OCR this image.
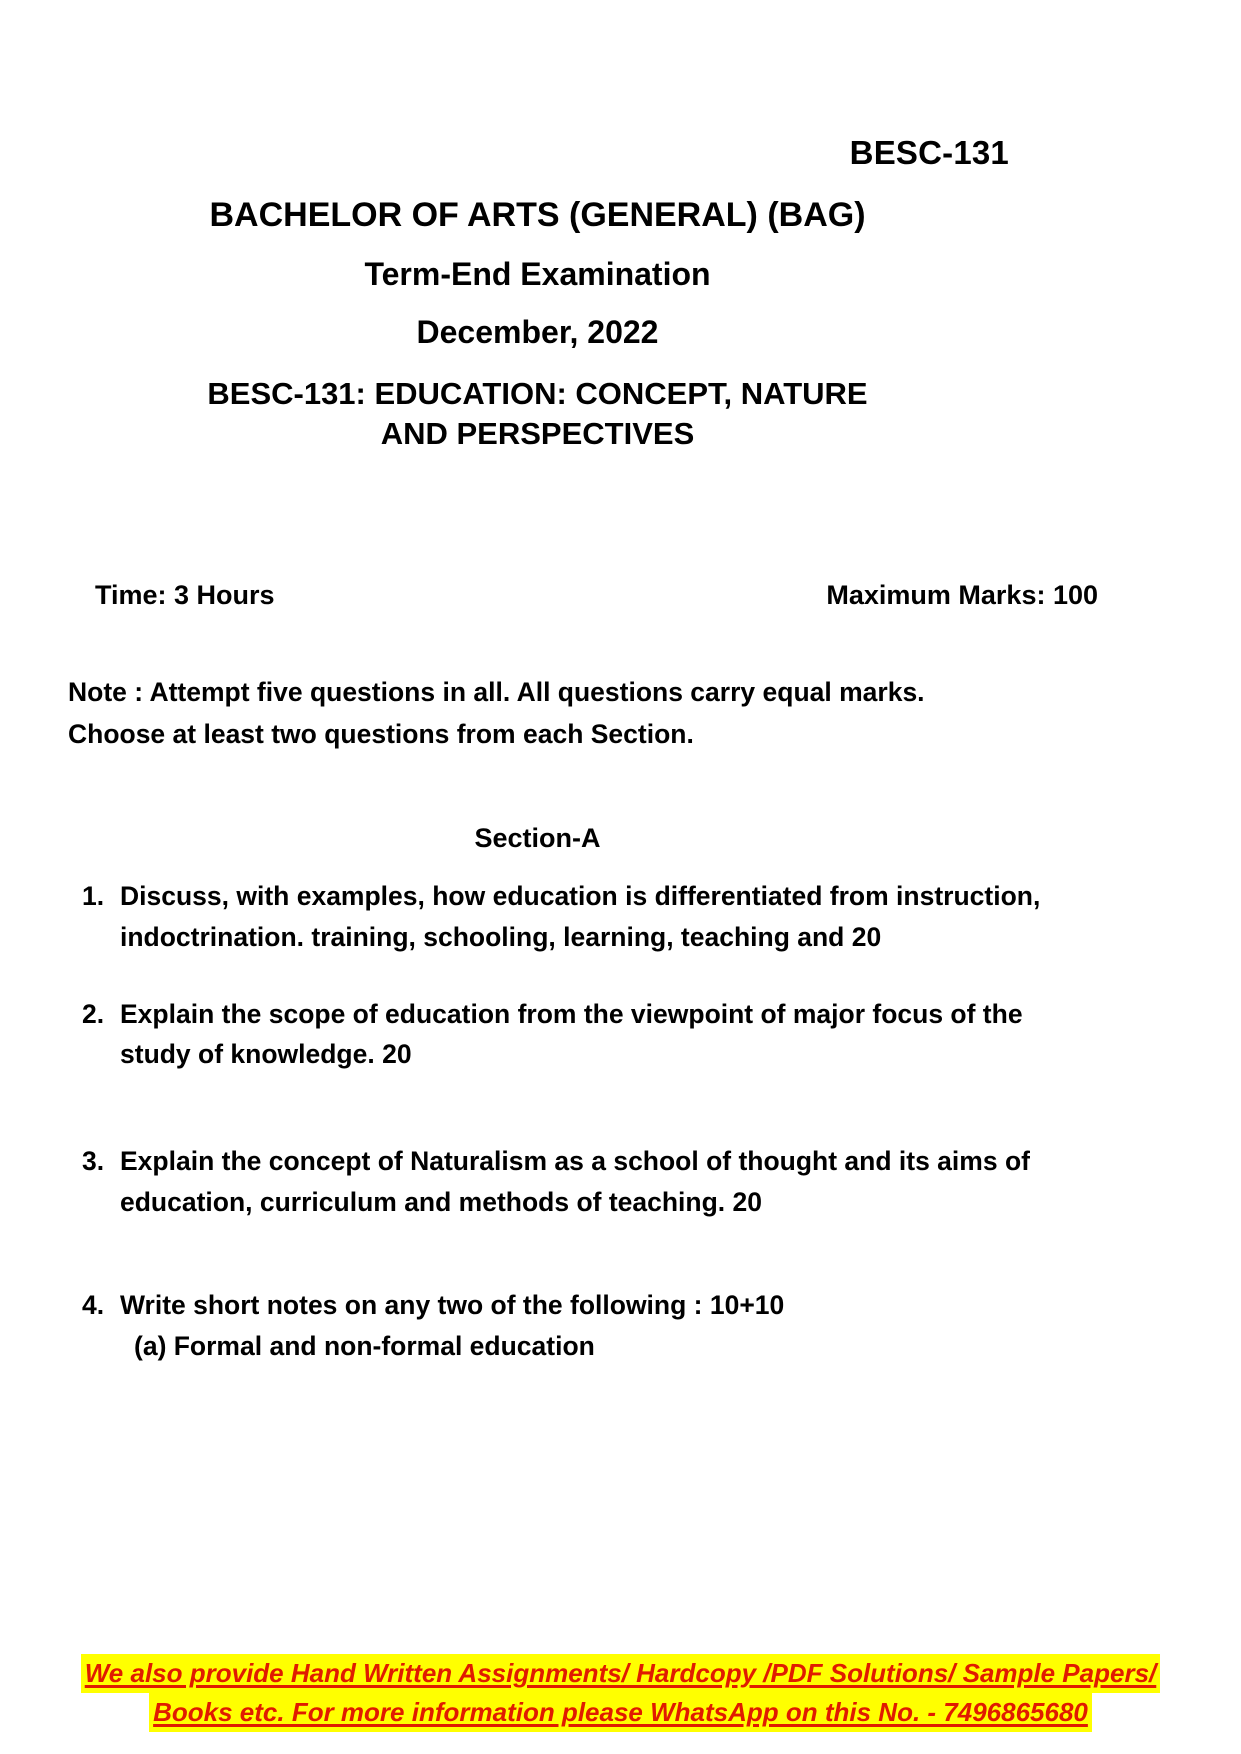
BESC-131
BACHELOR OF ARTS (GENERAL) (BAG)
Term-End Examination
December, 2022
BESC-131: EDUCATION: CONCEPT, NATURE AND PERSPECTIVES
Time: 3 Hours	Maximum Marks: 100
Note : Attempt five questions in all. All questions carry equal marks. Choose at least two questions from each Section.
Section-A
1. Discuss, with examples, how education is differentiated from instruction, indoctrination. training, schooling, learning, teaching and 20
2. Explain the scope of education from the viewpoint of major focus of the study of knowledge. 20
3. Explain the concept of Naturalism as a school of thought and its aims of education, curriculum and methods of teaching. 20
4. Write short notes on any two of the following : 10+10
(a) Formal and non-formal education
We also provide Hand Written Assignments/ Hardcopy /PDF Solutions/ Sample Papers/
Books etc. For more information please WhatsApp on this No. - 7496865680
